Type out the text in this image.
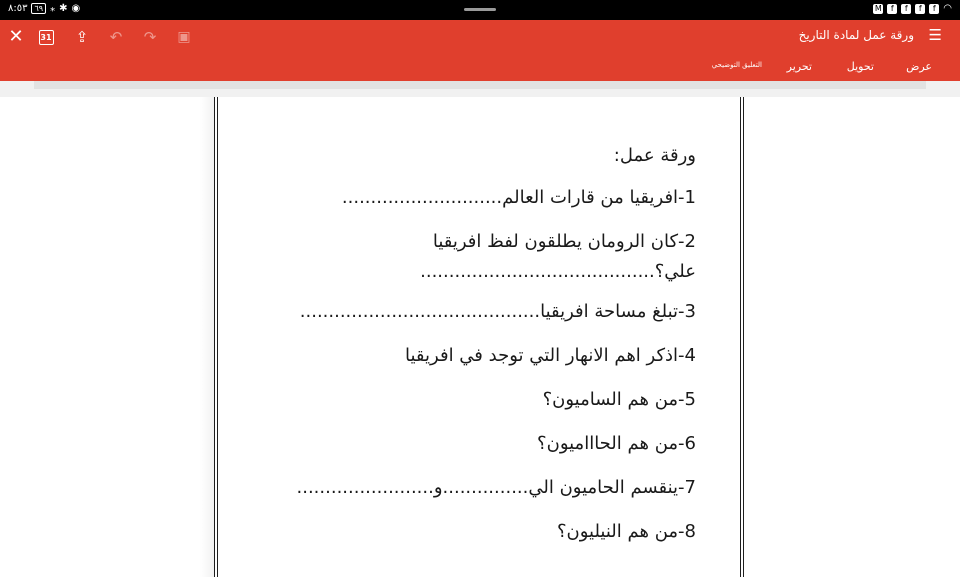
٨:٥٣ ٦٩ ⁎ ✱ ◉	M	f	f	f	f ◠
✕	31 ⇪ ↶ ↷ ▣	ورقة عمل لمادة التاريخ ☰
عرض
تحويل
تحرير
التعليق التوضيحي
ورقة عمل:
1-افريقيا من قارات العالم............................
2-كان الرومان يطلقون لفظ افريقيا
علي؟.........................................
3-تبلغ مساحة افريقيا..........................................
4-اذكر اهم الانهار التي توجد في افريقيا
5-من هم الساميون؟
6-من هم الحاااميون؟
7-ينقسم الحاميون الي...............و........................
8-من هم النيليون؟
